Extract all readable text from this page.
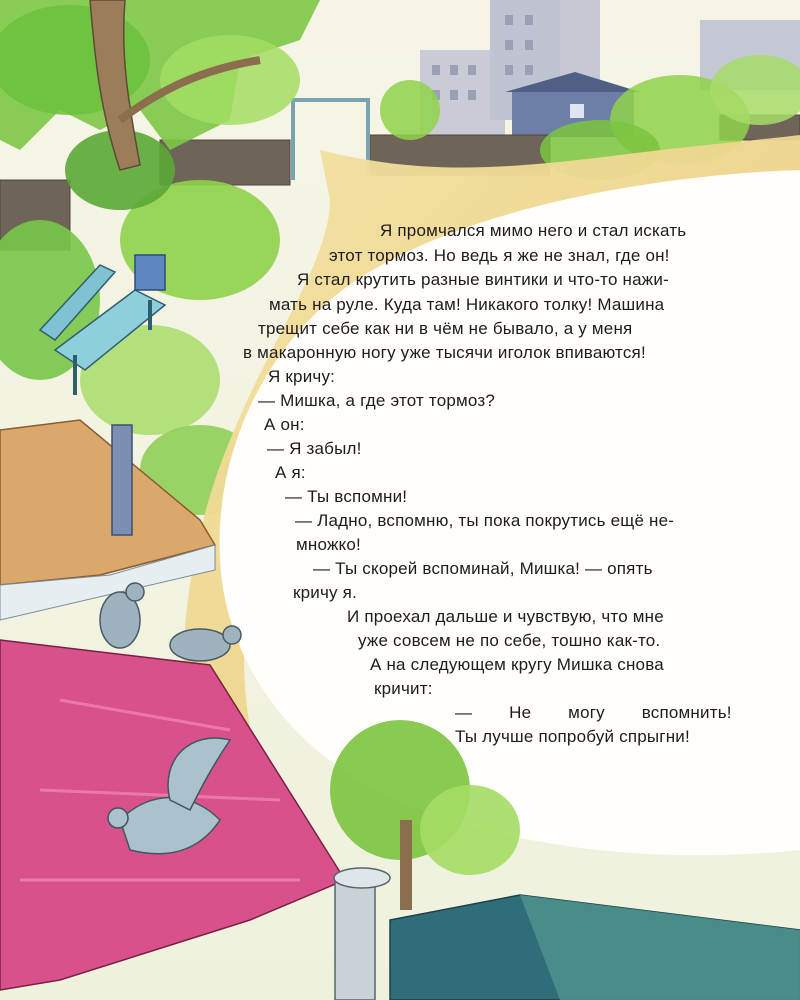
Я промчался мимо него и стал искать
этот тормоз. Но ведь я же не знал, где он!
Я стал крутить разные винтики и что-то нажи-
мать на руле. Куда там! Никакого толку! Машина
трещит себе как ни в чём не бывало, а у меня
в макаронную ногу уже тысячи иголок впиваются!
Я кричу:
— Мишка, а где этот тормоз?
А он:
— Я забыл!
А я:
— Ты вспомни!
— Ладно, вспомню, ты пока покрутись ещё не-
множко!
— Ты скорей вспоминай, Мишка! — опять
кричу я.
И проехал дальше и чувствую, что мне
уже совсем не по себе, тошно как-то.
А на следующем кругу Мишка снова
кричит:
— Не могу вспомнить!
Ты лучше попробуй спрыгни!
